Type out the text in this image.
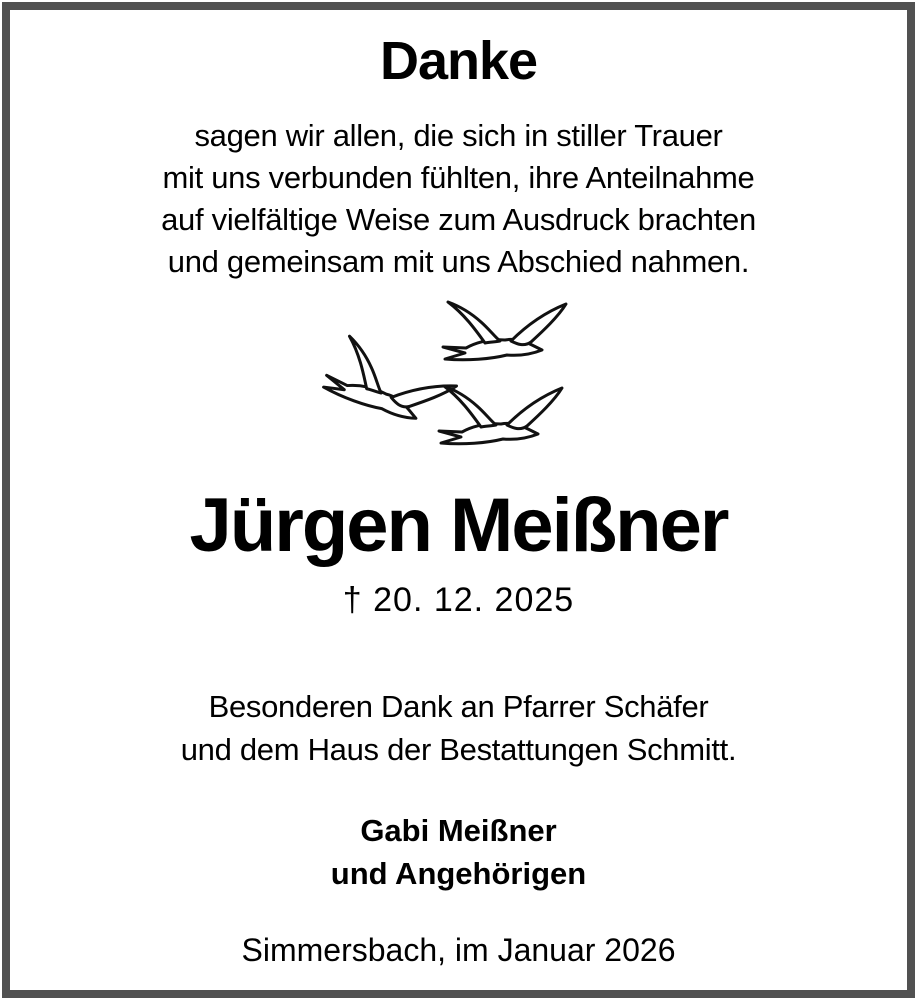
Danke
sagen wir allen, die sich in stiller Trauer
mit uns verbunden fühlten, ihre Anteilnahme
auf vielfältige Weise zum Ausdruck brachten
und gemeinsam mit uns Abschied nahmen.
Jürgen Meißner
† 20. 12. 2025
Besonderen Dank an Pfarrer Schäfer
und dem Haus der Bestattungen Schmitt.
Gabi Meißner
und Angehörigen
Simmersbach, im Januar 2026
